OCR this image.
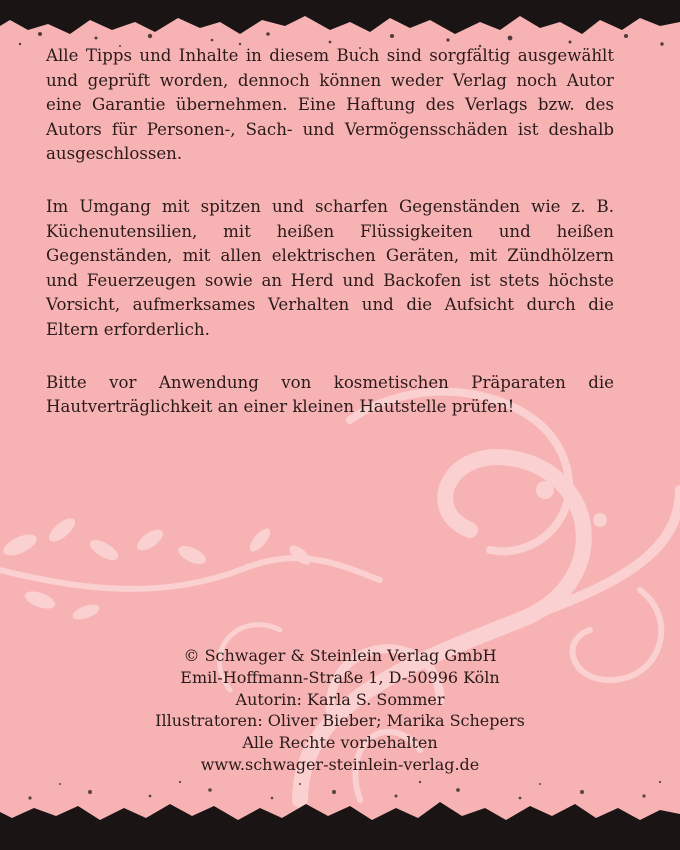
Alle Tipps und Inhalte in diesem Buch sind sorgfältig ausgewählt und geprüft worden, dennoch können weder Verlag noch Autor eine Garantie übernehmen. Eine Haftung des Verlags bzw. des Autors für Personen-, Sach- und Vermögensschäden ist deshalb ausgeschlossen.

Im Umgang mit spitzen und scharfen Gegenständen wie z. B. Küchenutensilien, mit heißen Flüssigkeiten und heißen Gegenständen, mit allen elektrischen Geräten, mit Zündhölzern und Feuerzeugen sowie an Herd und Backofen ist stets höchste Vorsicht, aufmerksames Verhalten und die Aufsicht durch die Eltern erforderlich.

Bitte vor Anwendung von kosmetischen Präparaten die Hautverträglichkeit an einer kleinen Hautstelle prüfen!

© Schwager & Steinlein Verlag GmbH
Emil-Hoffmann-Straße 1, D-50996 Köln
Autorin: Karla S. Sommer
Illustratoren: Oliver Bieber; Marika Schepers
Alle Rechte vorbehalten
www.schwager-steinlein-verlag.de
